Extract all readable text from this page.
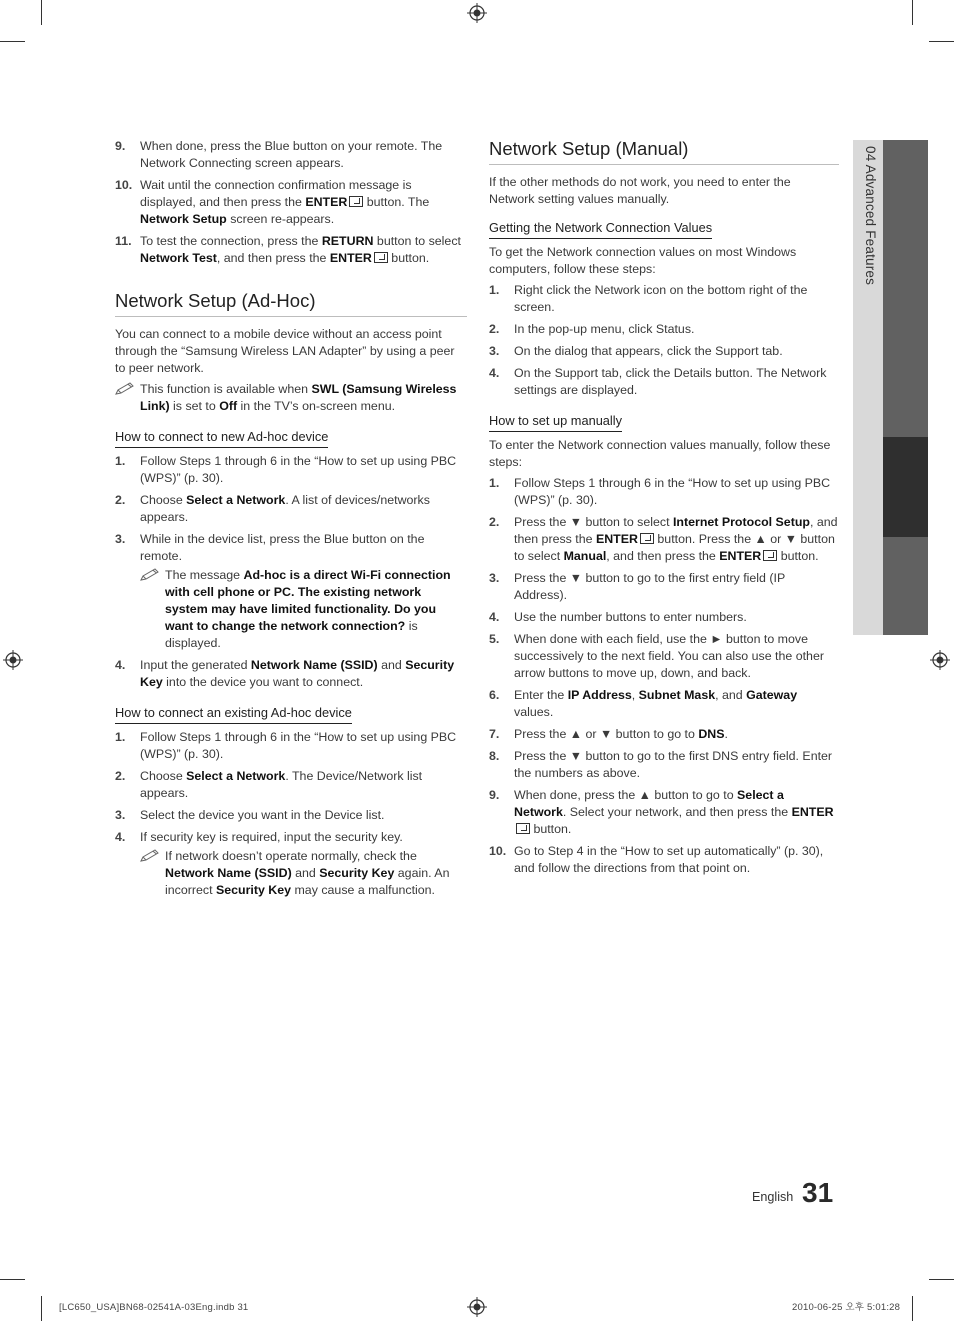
9. When done, press the Blue button on your remote. The Network Connecting screen appears.
10. Wait until the connection confirmation message is displayed, and then press the ENTER button. The Network Setup screen re-appears.
11. To test the connection, press the RETURN button to select Network Test, and then press the ENTER button.
Network Setup (Ad-Hoc)

You can connect to a mobile device without an access point through the “Samsung Wireless LAN Adapter” by using a peer to peer network.

This function is available when SWL (Samsung Wireless Link) is set to Off in the TV’s on-screen menu.
How to connect to new Ad-hoc device
1. Follow Steps 1 through 6 in the “How to set up using PBC (WPS)” (p. 30).
2. Choose Select a Network. A list of devices/networks appears.
3. While in the device list, press the Blue button on the remote.
The message Ad-hoc is a direct Wi-Fi connection with cell phone or PC. The existing network system may have limited functionality. Do you want to change the network connection? is displayed.
4. Input the generated Network Name (SSID) and Security Key into the device you want to connect.
How to connect an existing Ad-hoc device
1. Follow Steps 1 through 6 in the “How to set up using PBC (WPS)” (p. 30).
2. Choose Select a Network. The Device/Network list appears.
3. Select the device you want in the Device list.
4. If security key is required, input the security key.
If network doesn’t operate normally, check the Network Name (SSID) and Security Key again. An incorrect Security Key may cause a malfunction.
Network Setup (Manual)

If the other methods do not work, you need to enter the Network setting values manually.

Getting the Network Connection Values

To get the Network connection values on most Windows computers, follow these steps:

1. Right click the Network icon on the bottom right of the screen.
2. In the pop-up menu, click Status.
3. On the dialog that appears, click the Support tab.
4. On the Support tab, click the Details button. The Network settings are displayed.
How to set up manually

To enter the Network connection values manually, follow these steps:

1. Follow Steps 1 through 6 in the “How to set up using PBC (WPS)” (p. 30).
2. Press the ▼ button to select Internet Protocol Setup, and then press the ENTER button. Press the ▲ or ▼ button to select Manual, and then press the ENTER button.
3. Press the ▼ button to go to the first entry field (IP Address).
4. Use the number buttons to enter numbers.
5. When done with each field, use the ► button to move successively to the next field. You can also use the other arrow buttons to move up, down, and back.
6. Enter the IP Address, Subnet Mask, and Gateway values.
7. Press the ▲ or ▼ button to go to DNS.
8. Press the ▼ button to go to the first DNS entry field. Enter the numbers as above.
9. When done, press the ▲ button to go to Select a Network. Select your network, and then press the ENTER button.
10. Go to Step 4 in the “How to set up automatically” (p. 30), and follow the directions from that point on.
04 Advanced Features
English 31
[LC650_USA]BN68-02541A-03Eng.indb 31	2010-06-25 오후 5:01:28
